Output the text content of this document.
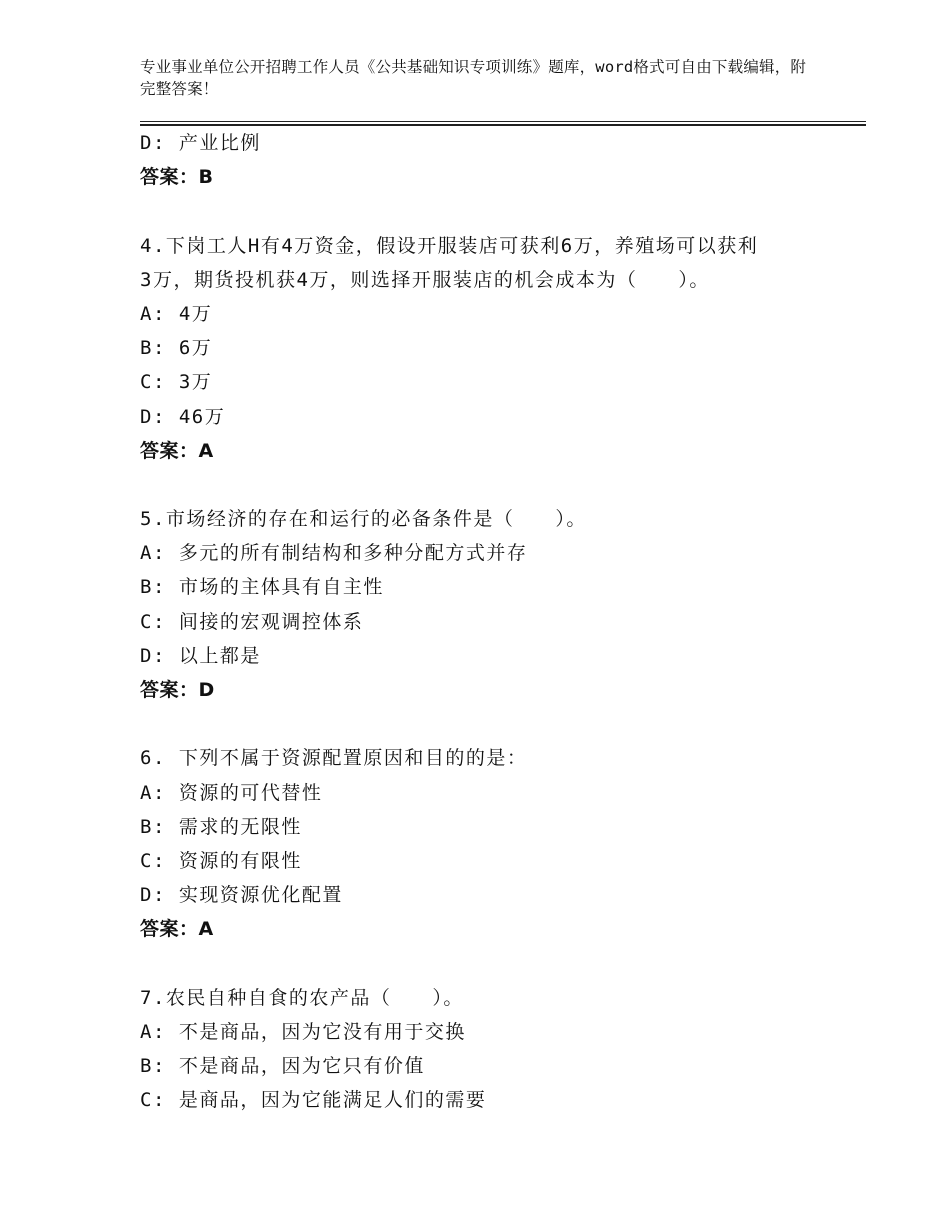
专业事业单位公开招聘工作人员《公共基础知识专项训练》题库，word格式可自由下载编辑，附完整答案！
D: 产业比例
答案：B
4.下岗工人H有4万资金，假设开服装店可获利6万，养殖场可以获利
3万，期货投机获4万，则选择开服装店的机会成本为（　　）。
A: 4万
B: 6万
C: 3万
D: 46万
答案：A
5.市场经济的存在和运行的必备条件是（　　）。
A: 多元的所有制结构和多种分配方式并存
B: 市场的主体具有自主性
C: 间接的宏观调控体系
D: 以上都是
答案：D
6. 下列不属于资源配置原因和目的的是：
A: 资源的可代替性
B: 需求的无限性
C: 资源的有限性
D: 实现资源优化配置
答案：A
7.农民自种自食的农产品（　　）。
A: 不是商品，因为它没有用于交换
B: 不是商品，因为它只有价值
C: 是商品，因为它能满足人们的需要
